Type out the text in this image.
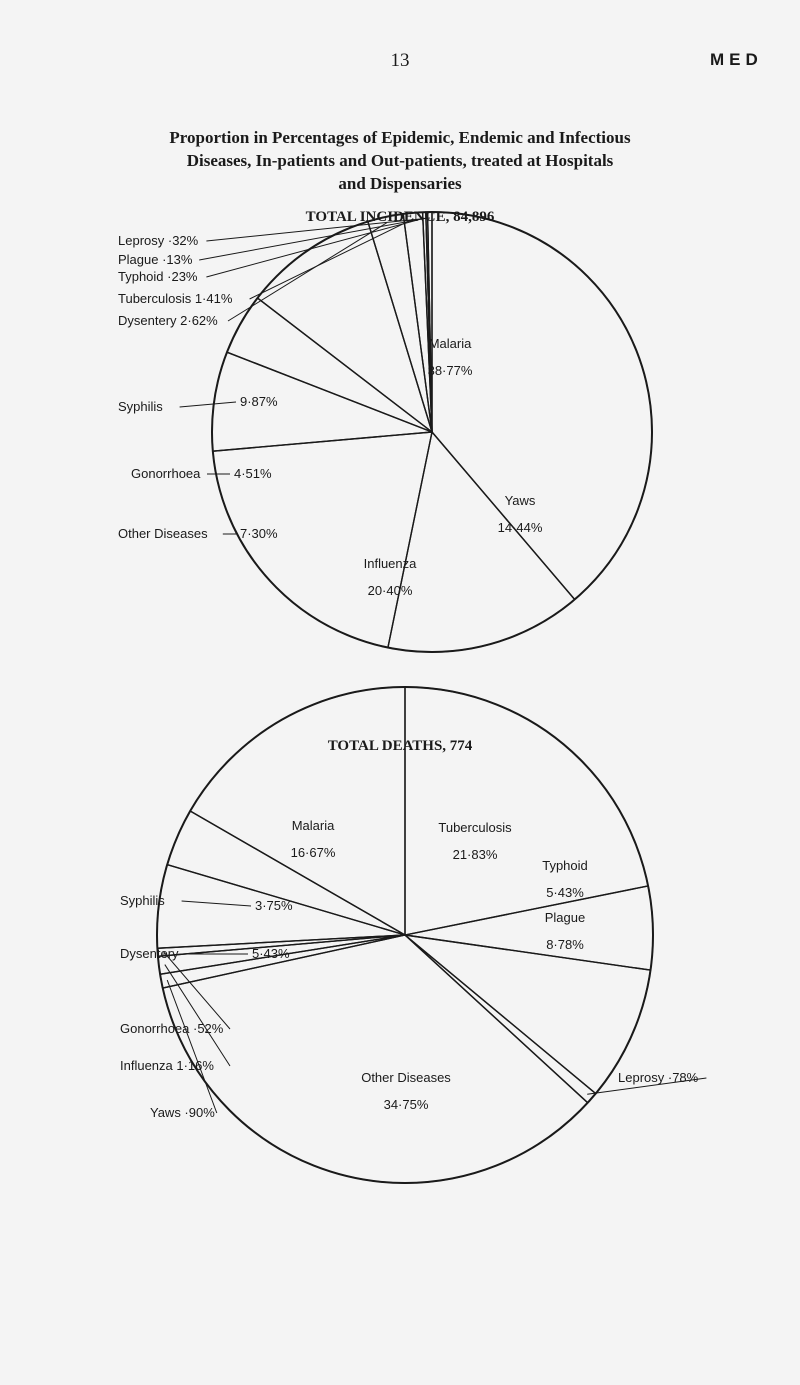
13	MED
Proportion in Percentages of Epidemic, Endemic and Infectious
Diseases, In-patients and Out-patients, treated at Hospitals
and Dispensaries
TOTAL INCIDENCE, 84,896
TOTAL DEATHS, 774
Malaria
38·77%
Yaws
14·44%
Influenza
20·40%
Other Diseases 7·30%
Gonorrhoea	4·51%
Syphilis	9·87%
Dysentery 2·62%
Tuberculosis 1·41%
Typhoid ·23%
Plague ·13%
Leprosy ·32%
Tuberculosis
21·83%
Typhoid
5·43%
Plague
8·78%
Leprosy ·78%
Other Diseases
34·75%
Yaws ·90%
Influenza 1·16%
Gonorrhoea ·52%
Dysentery	5·43%
Syphilis	3·75%
Malaria
16·67%
